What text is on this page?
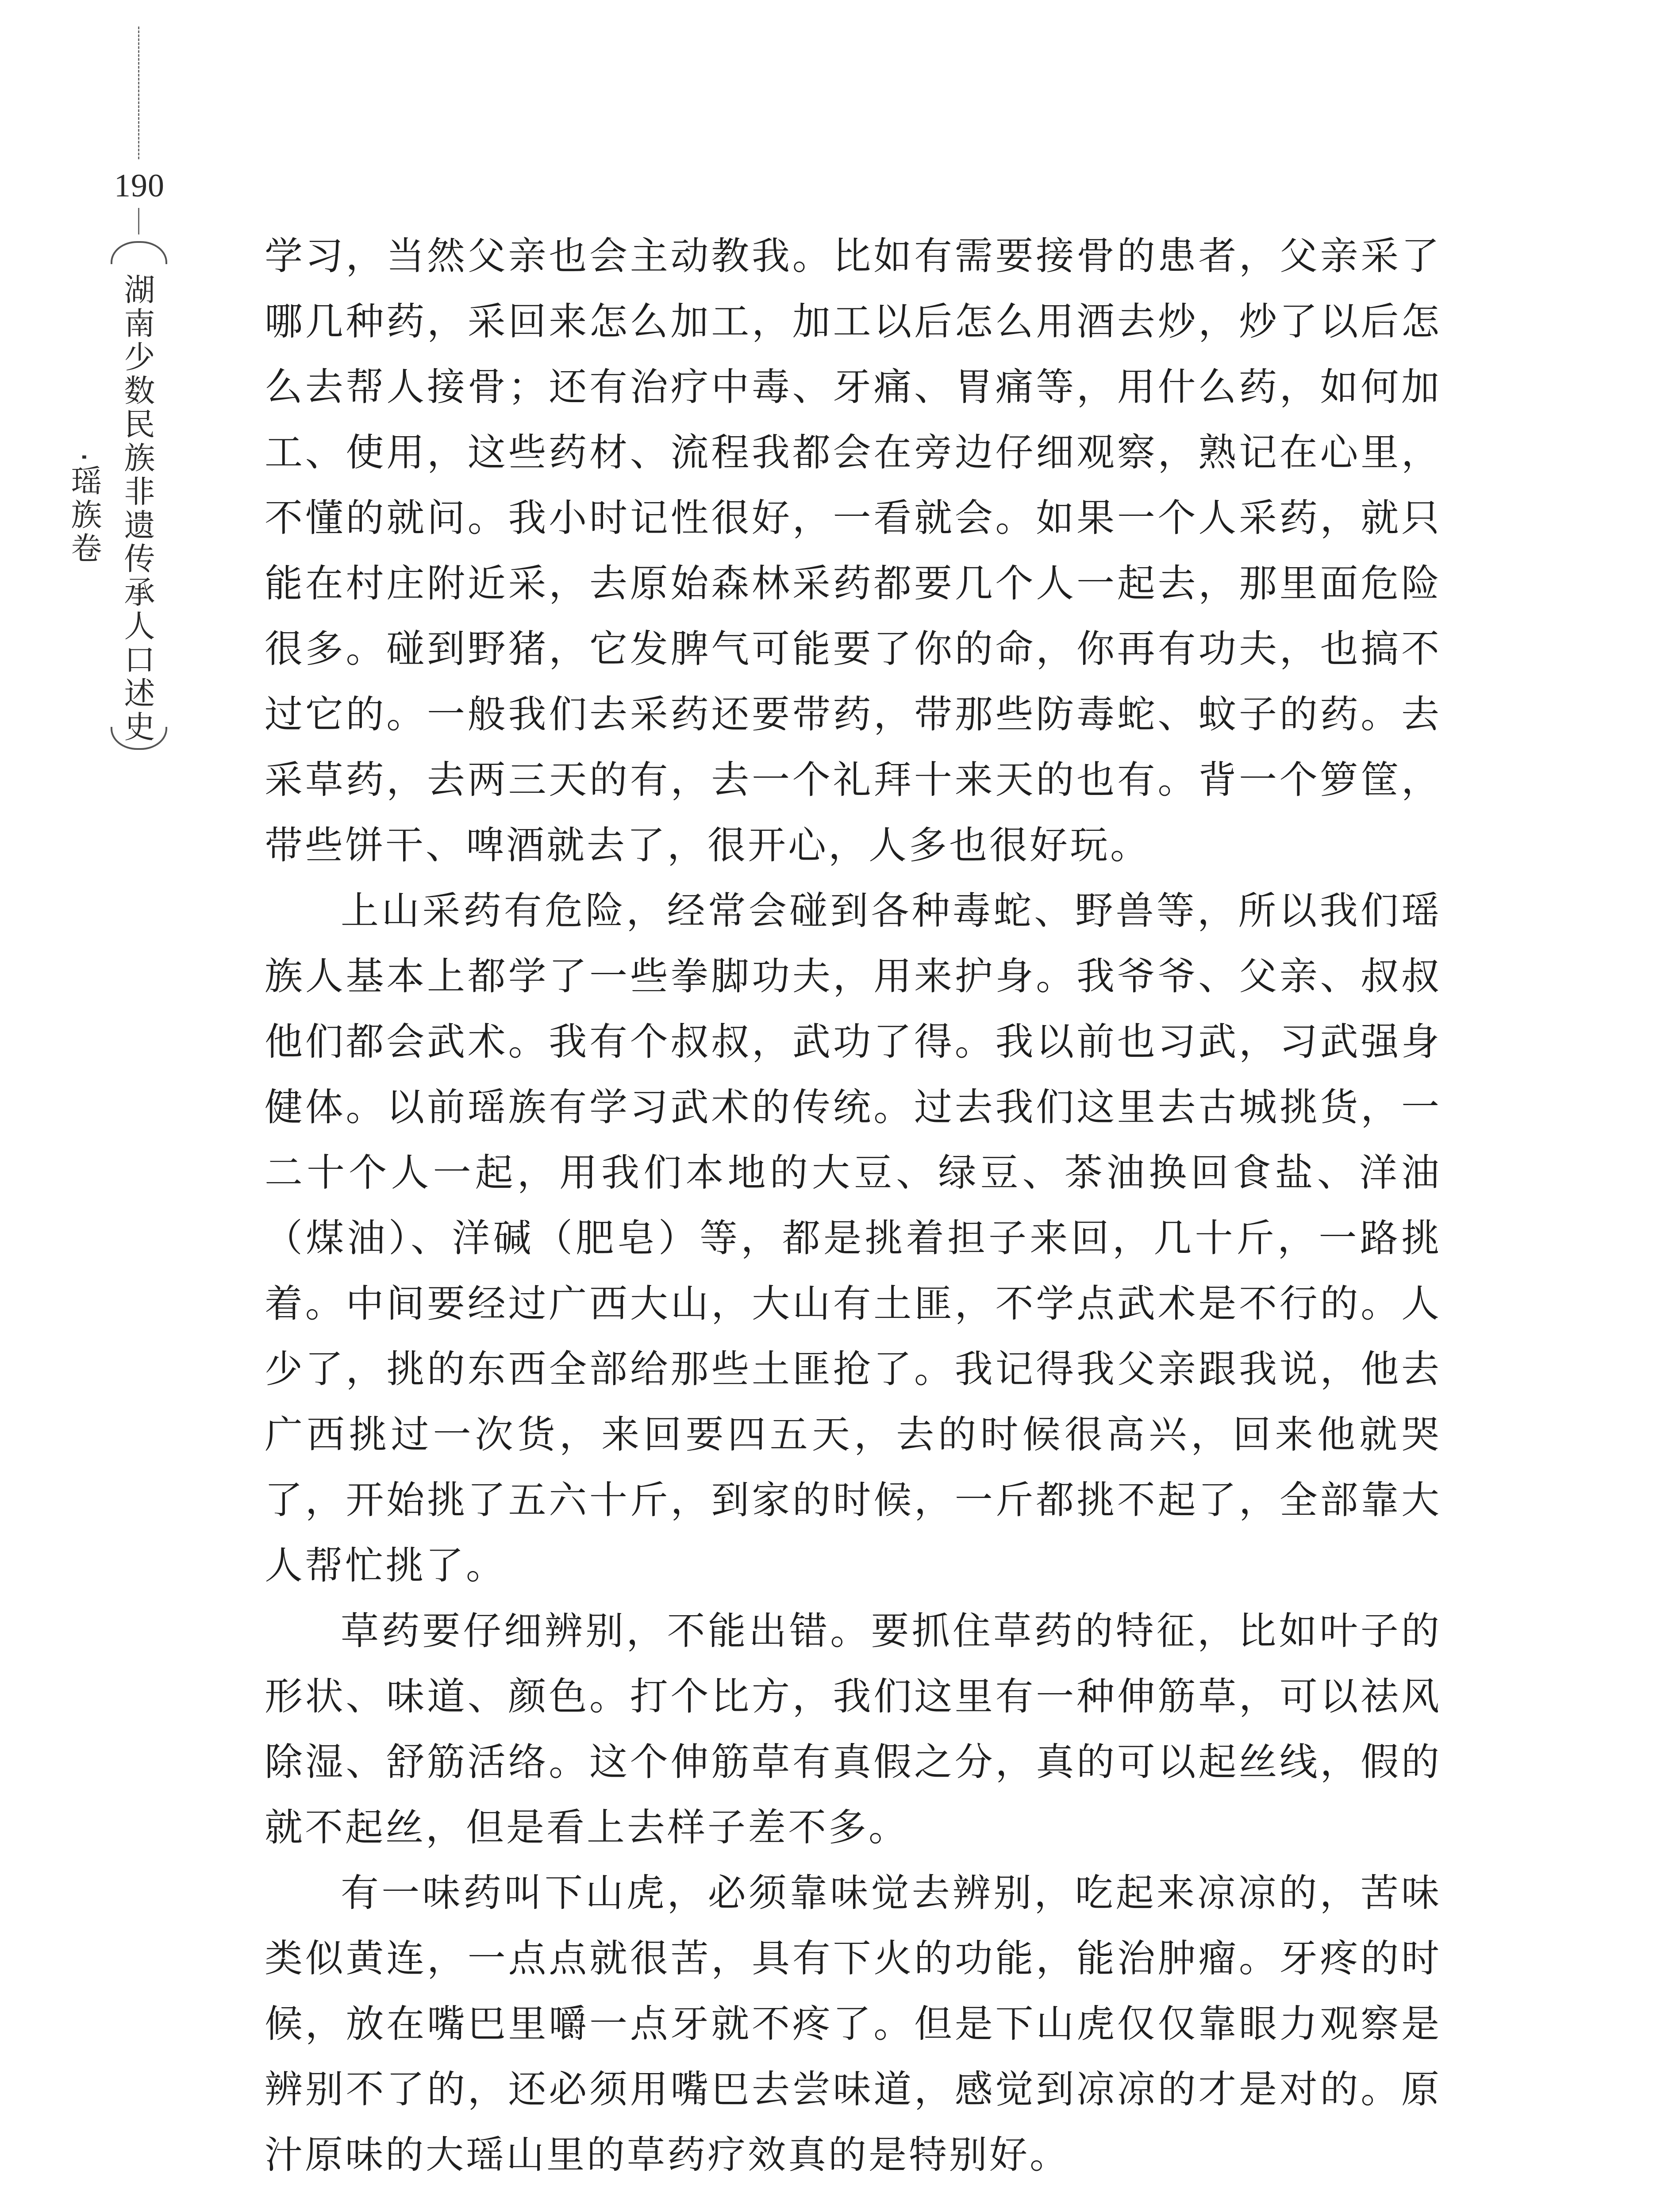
190
湖南少数民族非遗传承人口述史·瑶族卷

学习，当然父亲也会主动教我。比如有需要接骨的患者，父亲采了哪几种药，采回来怎么加工，加工以后怎么用酒去炒，炒了以后怎么去帮人接骨；还有治疗中毒、牙痛、胃痛等，用什么药，如何加工、使用，这些药材、流程我都会在旁边仔细观察，熟记在心里，不懂的就问。我小时记性很好，一看就会。如果一个人采药，就只能在村庄附近采，去原始森林采药都要几个人一起去，那里面危险很多。碰到野猪，它发脾气可能要了你的命，你再有功夫，也搞不过它的。一般我们去采药还要带药，带那些防毒蛇、蚊子的药。去采草药，去两三天的有，去一个礼拜十来天的也有。背一个箩筐，带些饼干、啤酒就去了，很开心，人多也很好玩。

上山采药有危险，经常会碰到各种毒蛇、野兽等，所以我们瑶族人基本上都学了一些拳脚功夫，用来护身。我爷爷、父亲、叔叔他们都会武术。我有个叔叔，武功了得。我以前也习武，习武强身健体。以前瑶族有学习武术的传统。过去我们这里去古城挑货，一二十个人一起，用我们本地的大豆、绿豆、茶油换回食盐、洋油（煤油）、洋碱（肥皂）等，都是挑着担子来回，几十斤，一路挑着。中间要经过广西大山，大山有土匪，不学点武术是不行的。人少了，挑的东西全部给那些土匪抢了。我记得我父亲跟我说，他去广西挑过一次货，来回要四五天，去的时候很高兴，回来他就哭了，开始挑了五六十斤，到家的时候，一斤都挑不起了，全部靠大人帮忙挑了。

草药要仔细辨别，不能出错。要抓住草药的特征，比如叶子的形状、味道、颜色。打个比方，我们这里有一种伸筋草，可以祛风除湿、舒筋活络。这个伸筋草有真假之分，真的可以起丝线，假的就不起丝，但是看上去样子差不多。

有一味药叫下山虎，必须靠味觉去辨别，吃起来凉凉的，苦味类似黄连，一点点就很苦，具有下火的功能，能治肿瘤。牙疼的时候，放在嘴巴里嚼一点牙就不疼了。但是下山虎仅仅靠眼力观察是辨别不了的，还必须用嘴巴去尝味道，感觉到凉凉的才是对的。原汁原味的大瑶山里的草药疗效真的是特别好。
